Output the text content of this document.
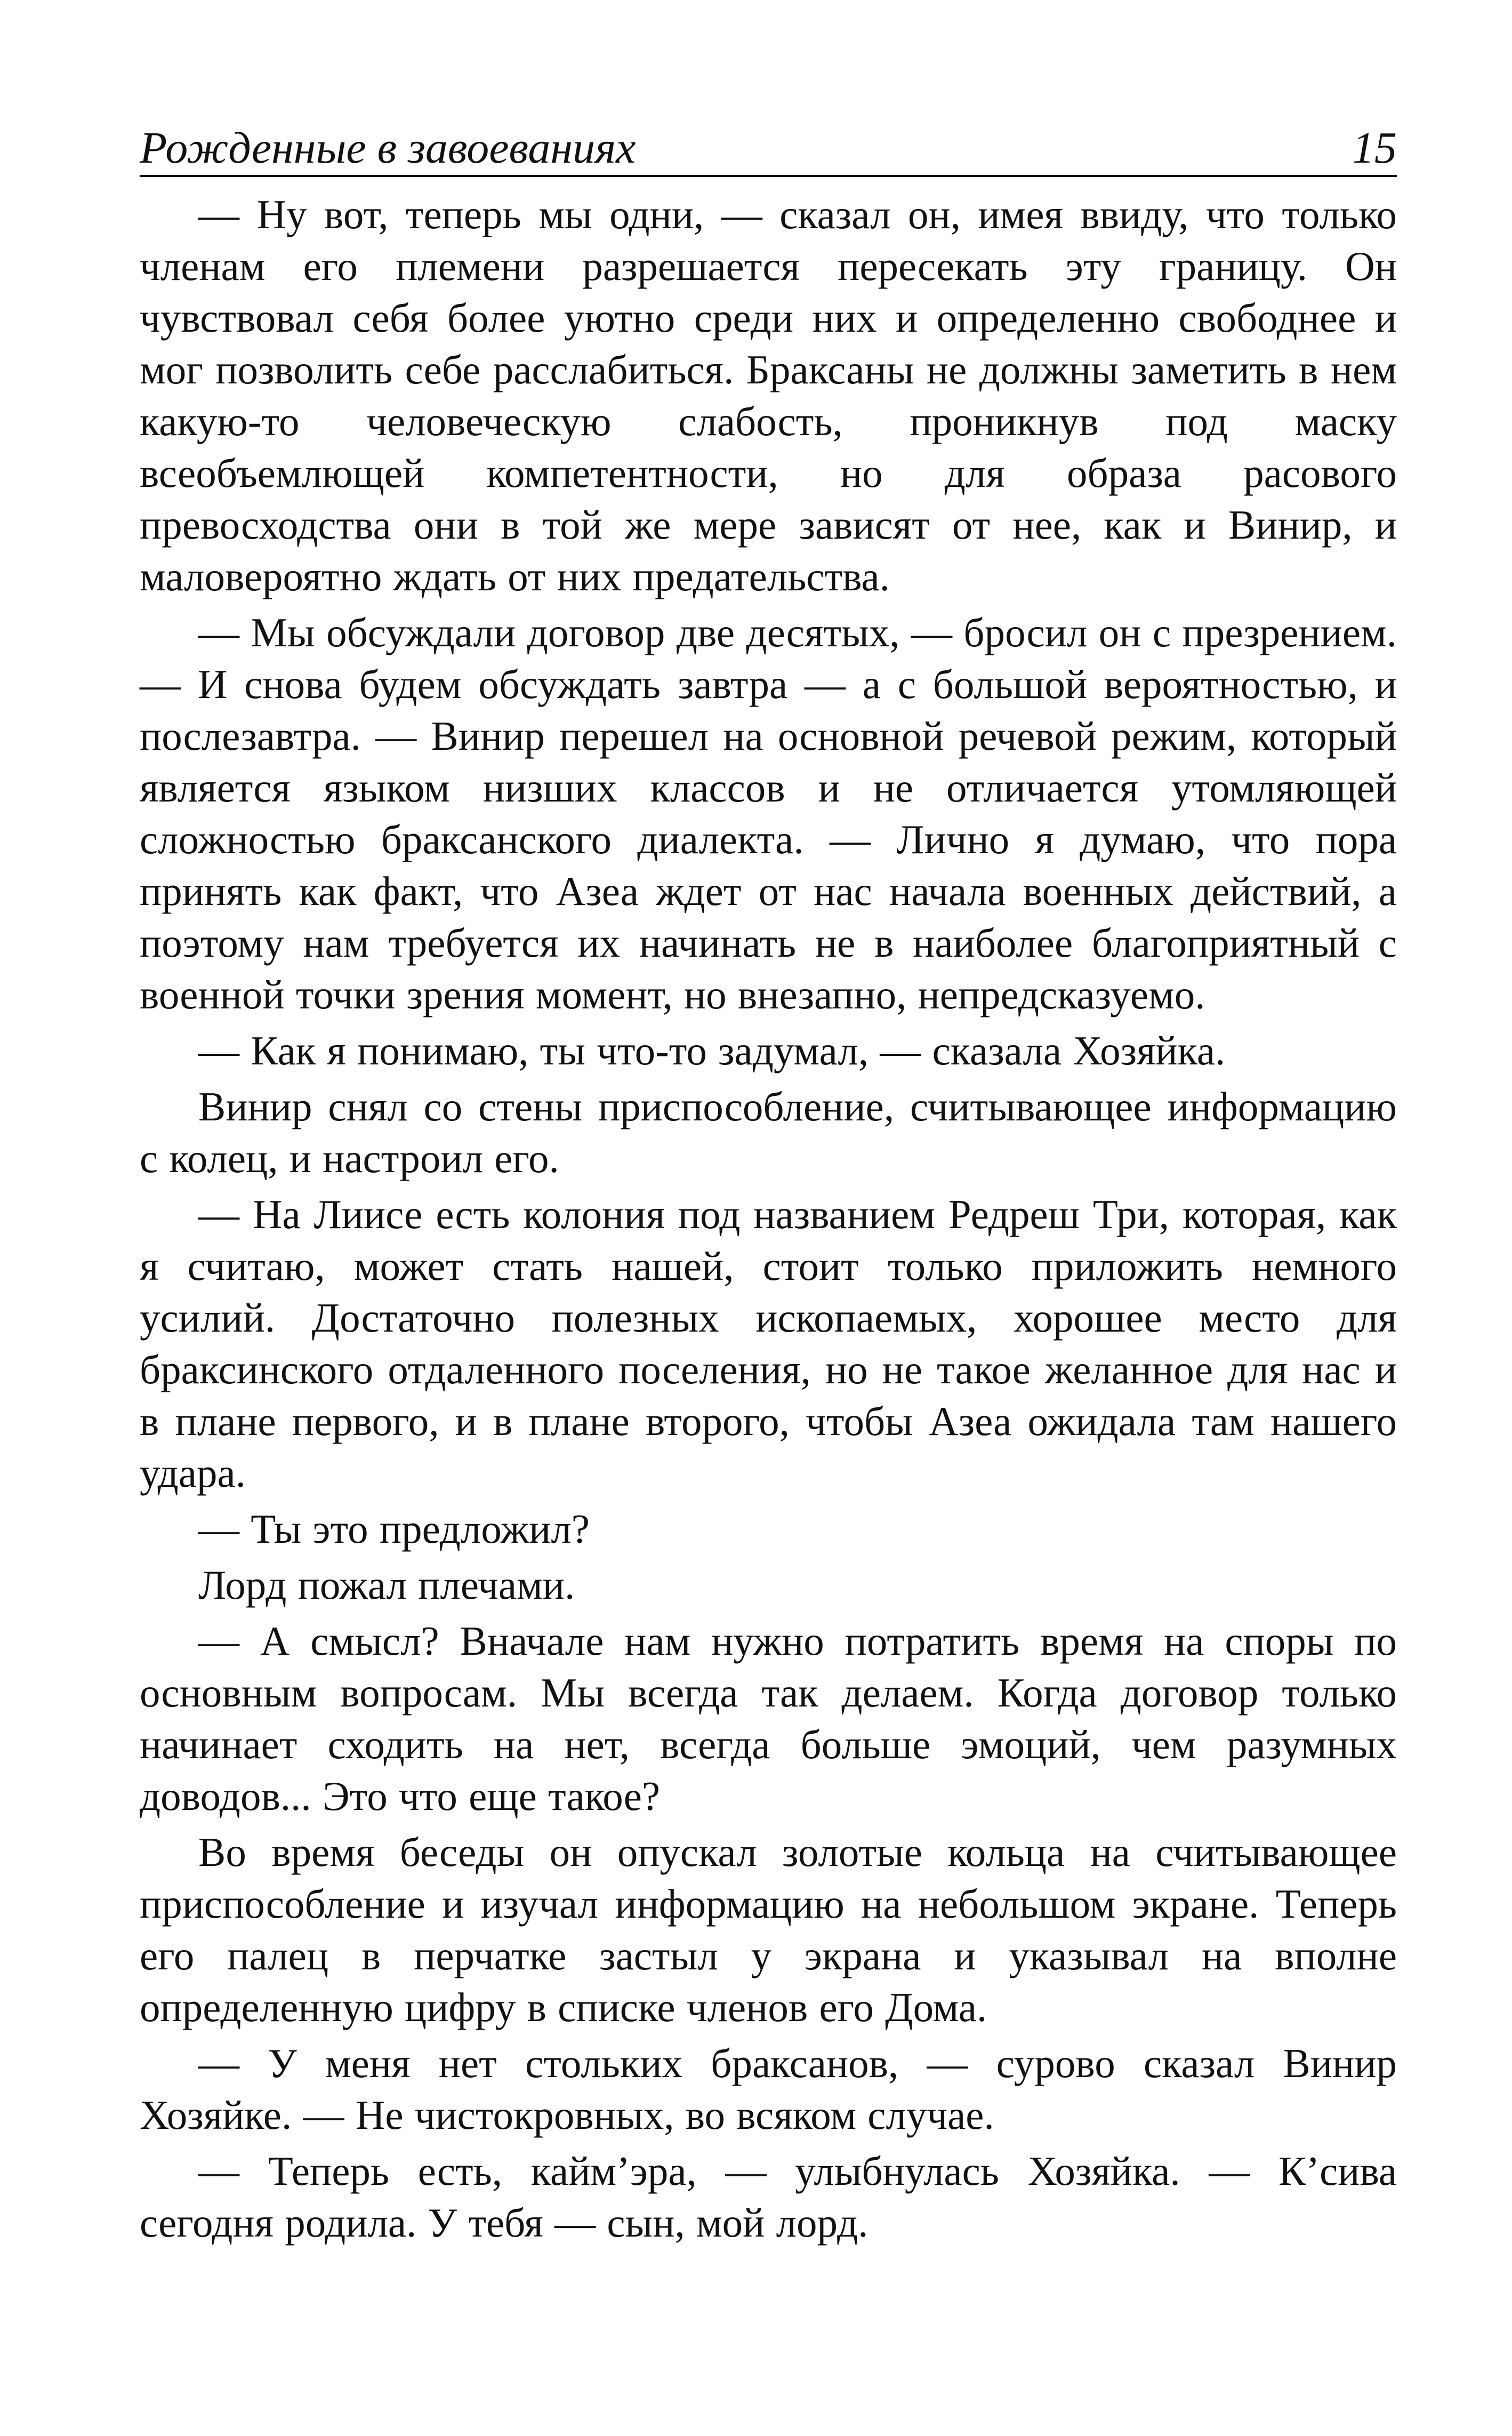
Рожденные в завоеваниях	15

— Ну вот, теперь мы одни, — сказал он, имея ввиду, что только членам его племени разрешается пересекать эту границу. Он чувствовал себя более уютно среди них и определенно свободнее и мог позволить себе расслабиться. Браксаны не должны заметить в нем какую-то человеческую слабость, проникнув под маску всеобъемлющей компетентности, но для образа расового превосходства они в той же мере зависят от нее, как и Винир, и маловероятно ждать от них предательства.

— Мы обсуждали договор две десятых, — бросил он с презрением. — И снова будем обсуждать завтра — а с большой вероятностью, и послезавтра. — Винир перешел на основной речевой режим, который является языком низших классов и не отличается утомляющей сложностью браксанского диалекта. — Лично я думаю, что пора принять как факт, что Азеа ждет от нас начала военных действий, а поэтому нам требуется их начинать не в наиболее благоприятный с военной точки зрения момент, но внезапно, непредсказуемо.

— Как я понимаю, ты что-то задумал, — сказала Хозяйка.

Винир снял со стены приспособление, считывающее информацию с колец, и настроил его.

— На Лиисе есть колония под названием Редреш Три, которая, как я считаю, может стать нашей, стоит только приложить немного усилий. Достаточно полезных ископаемых, хорошее место для браксинского отдаленного поселения, но не такое желанное для нас и в плане первого, и в плане второго, чтобы Азеа ожидала там нашего удара.

— Ты это предложил?

Лорд пожал плечами.

— А смысл? Вначале нам нужно потратить время на споры по основным вопросам. Мы всегда так делаем. Когда договор только начинает сходить на нет, всегда больше эмоций, чем разумных доводов... Это что еще такое?

Во время беседы он опускал золотые кольца на считывающее приспособление и изучал информацию на небольшом экране. Теперь его палец в перчатке застыл у экрана и указывал на вполне определенную цифру в списке членов его Дома.

— У меня нет стольких браксанов, — сурово сказал Винир Хозяйке. — Не чистокровных, во всяком случае.

— Теперь есть, кайм’эра, — улыбнулась Хозяйка. — К’сива сегодня родила. У тебя — сын, мой лорд.
